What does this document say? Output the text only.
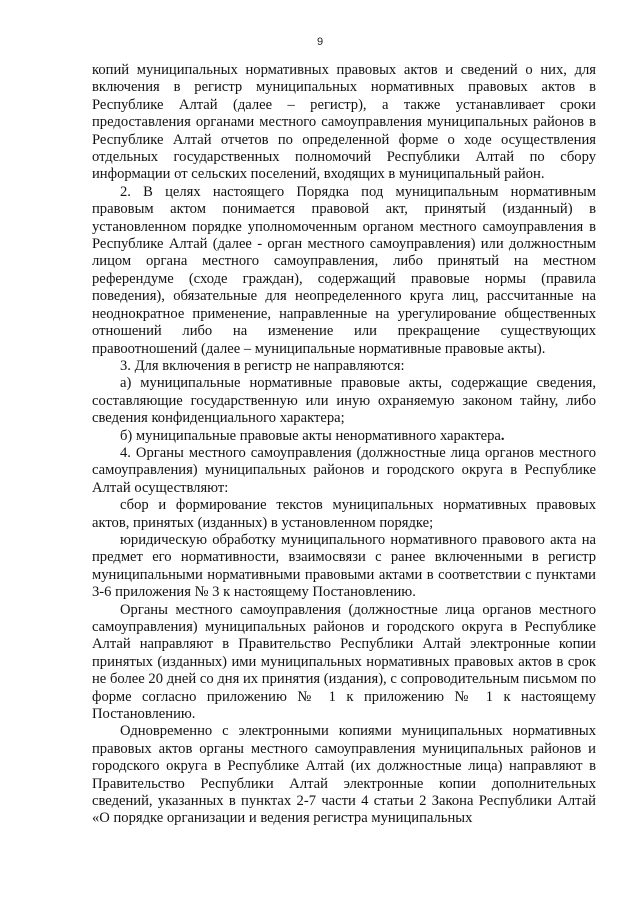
9

копий муниципальных нормативных правовых актов и сведений о них, для включения в регистр муниципальных нормативных правовых актов в Республике Алтай (далее – регистр), а также устанавливает сроки предоставления органами местного самоуправления муниципальных районов в Республике Алтай отчетов по определенной форме о ходе осуществления отдельных государственных полномочий Республики Алтай по сбору информации от сельских поселений, входящих в муниципальный район.

2. В целях настоящего Порядка под муниципальным нормативным правовым актом понимается правовой акт, принятый (изданный) в установленном порядке уполномоченным органом местного самоуправления в Республике Алтай (далее - орган местного самоуправления) или должностным лицом органа местного самоуправления, либо принятый на местном референдуме (сходе граждан), содержащий правовые нормы (правила поведения), обязательные для неопределенного круга лиц, рассчитанные на неоднократное применение, направленные на урегулирование общественных отношений либо на изменение или прекращение существующих правоотношений (далее – муниципальные нормативные правовые акты).

3. Для включения в регистр не направляются:

а) муниципальные нормативные правовые акты, содержащие сведения, составляющие государственную или иную охраняемую законом тайну, либо сведения конфиденциального характера;

б) муниципальные правовые акты ненормативного характера.

4. Органы местного самоуправления (должностные лица органов местного самоуправления) муниципальных районов и городского округа в Республике Алтай осуществляют:

сбор и формирование текстов муниципальных нормативных правовых актов, принятых (изданных) в установленном порядке;

юридическую обработку муниципального нормативного правового акта на предмет его нормативности, взаимосвязи с ранее включенными в регистр муниципальными нормативными правовыми актами в соответствии с пунктами 3-6 приложения № 3 к настоящему Постановлению.

Органы местного самоуправления (должностные лица органов местного самоуправления) муниципальных районов и городского округа в Республике Алтай направляют в Правительство Республики Алтай электронные копии принятых (изданных) ими муниципальных нормативных правовых актов в срок не более 20 дней со дня их принятия (издания), с сопроводительным письмом по форме согласно приложению № 1 к приложению № 1 к настоящему Постановлению.

Одновременно с электронными копиями муниципальных нормативных правовых актов органы местного самоуправления муниципальных районов и городского округа в Республике Алтай (их должностные лица) направляют в Правительство Республики Алтай электронные копии дополнительных сведений, указанных в пунктах 2-7 части 4 статьи 2 Закона Республики Алтай «О порядке организации и ведения регистра муниципальных
